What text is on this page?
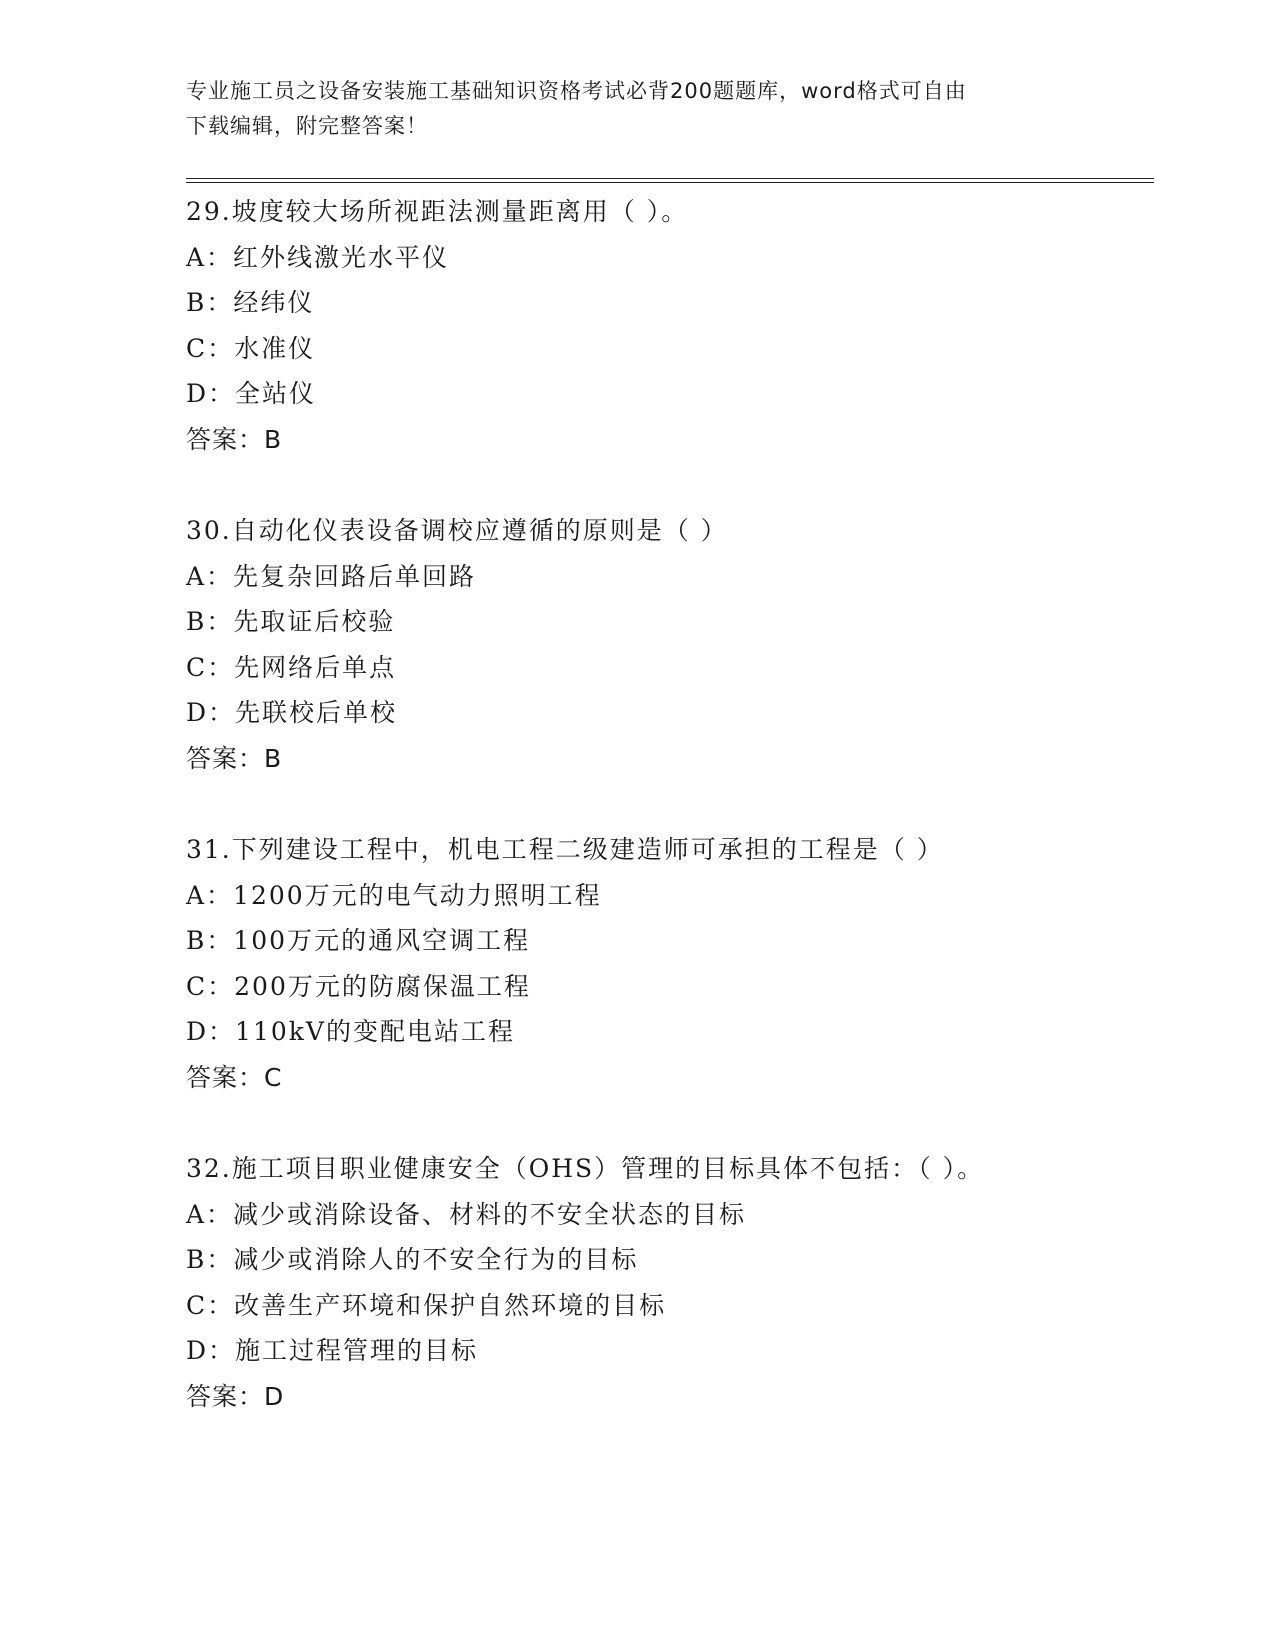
专业施工员之设备安装施工基础知识资格考试必背200题题库，word格式可自由
下载编辑，附完整答案！
29.坡度较大场所视距法测量距离用（ ）。
A：红外线激光水平仪
B：经纬仪
C：水准仪
D：全站仪
答案：B
30.自动化仪表设备调校应遵循的原则是（ ）
A：先复杂回路后单回路
B：先取证后校验
C：先网络后单点
D：先联校后单校
答案：B
31.下列建设工程中，机电工程二级建造师可承担的工程是（ ）
A：1200万元的电气动力照明工程
B：100万元的通风空调工程
C：200万元的防腐保温工程
D：110kV的变配电站工程
答案：C
32.施工项目职业健康安全（OHS）管理的目标具体不包括：（ ）。
A：减少或消除设备、材料的不安全状态的目标
B：减少或消除人的不安全行为的目标
C：改善生产环境和保护自然环境的目标
D：施工过程管理的目标
答案：D
